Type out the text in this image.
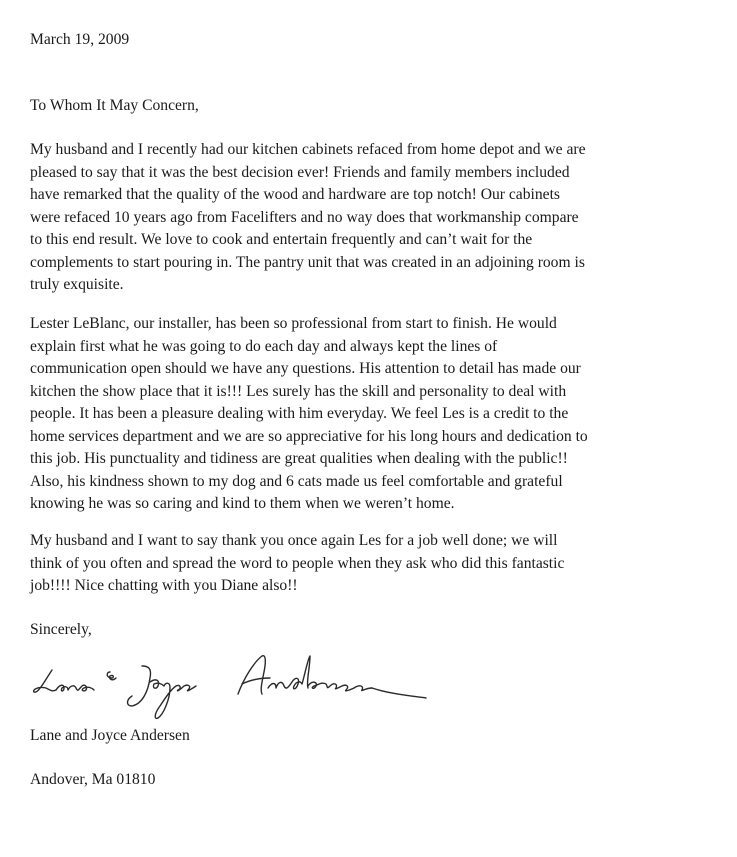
March 19, 2009
To Whom It May Concern,

My husband and I recently had our kitchen cabinets refaced from home depot and we are
pleased to say that it was the best decision ever! Friends and family members included
have remarked that the quality of the wood and hardware are top notch! Our cabinets
were refaced 10 years ago from Facelifters and no way does that workmanship compare
to this end result. We love to cook and entertain frequently and can’t wait for the
complements to start pouring in. The pantry unit that was created in an adjoining room is
truly exquisite.

Lester LeBlanc, our installer, has been so professional from start to finish. He would
explain first what he was going to do each day and always kept the lines of
communication open should we have any questions. His attention to detail has made our
kitchen the show place that it is!!! Les surely has the skill and personality to deal with
people. It has been a pleasure dealing with him everyday. We feel Les is a credit to the
home services department and we are so appreciative for his long hours and dedication to
this job. His punctuality and tidiness are great qualities when dealing with the public!!
Also, his kindness shown to my dog and 6 cats made us feel comfortable and grateful
knowing he was so caring and kind to them when we weren’t home.

My husband and I want to say thank you once again Les for a job well done; we will
think of you often and spread the word to people when they ask who did this fantastic
job!!!! Nice chatting with you Diane also!!

Sincerely,
Lane and Joyce Andersen
Andover, Ma 01810
